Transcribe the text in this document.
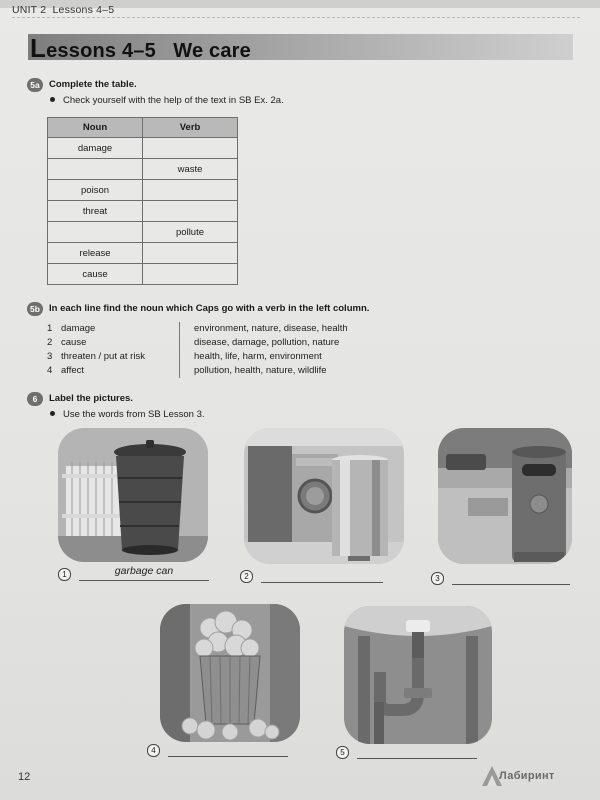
UNIT 2 Lessons 4–5
Lessons 4–5 We care
5a Complete the table.
Check yourself with the help of the text in SB Ex. 2a.
Noun	Verb
damage	
	waste
poison	
threat	
	pollute
release	
cause	
5b In each line find the noun which Caps go with a verb in the left column.
1 damage	environment, nature, disease, health
2 cause	disease, damage, pollution, nature
3 threaten / put at risk	health, life, harm, environment
4 affect	pollution, health, nature, wildlife
6	Label the pictures.
Use the words from SB Lesson 3.
1	garbage can	2	3
4	5
12	Лабиринт
